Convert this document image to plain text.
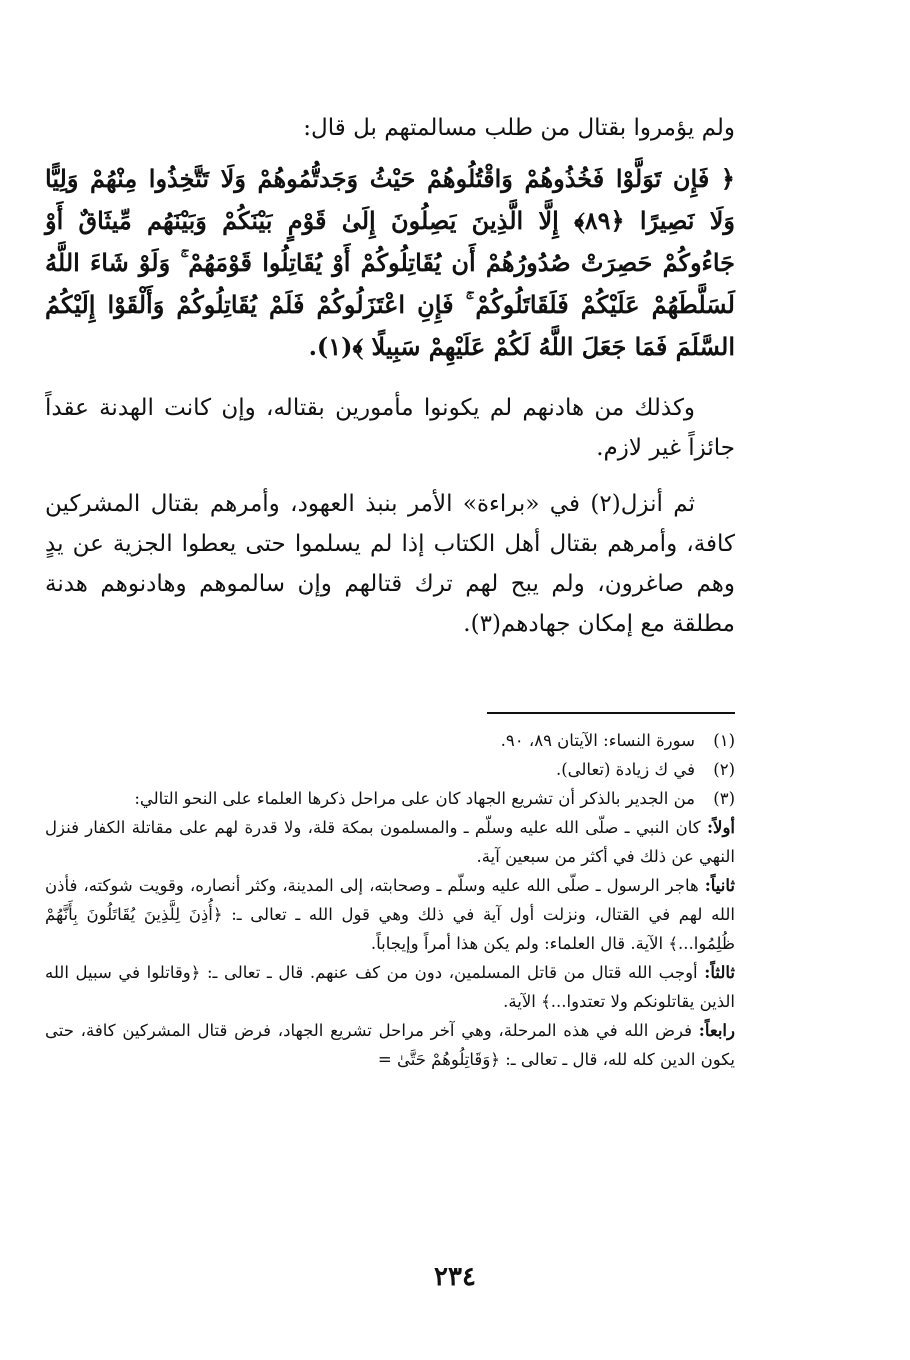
ولم يؤمروا بقتال من طلب مسالمتهم بل قال:

﴿ فَإِن تَوَلَّوْا فَخُذُوهُمْ وَاقْتُلُوهُمْ حَيْثُ وَجَدتُّمُوهُمْ وَلَا تَتَّخِذُوا مِنْهُمْ وَلِيًّا وَلَا نَصِيرًا ﴿٨٩﴾ إِلَّا الَّذِينَ يَصِلُونَ إِلَىٰ قَوْمٍ بَيْنَكُمْ وَبَيْنَهُم مِّيثَاقٌ أَوْ جَاءُوكُمْ حَصِرَتْ صُدُورُهُمْ أَن يُقَاتِلُوكُمْ أَوْ يُقَاتِلُوا قَوْمَهُمْ ۚ وَلَوْ شَاءَ اللَّهُ لَسَلَّطَهُمْ عَلَيْكُمْ فَلَقَاتَلُوكُمْ ۚ فَإِنِ اعْتَزَلُوكُمْ فَلَمْ يُقَاتِلُوكُمْ وَأَلْقَوْا إِلَيْكُمُ السَّلَمَ فَمَا جَعَلَ اللَّهُ لَكُمْ عَلَيْهِمْ سَبِيلًا ﴾(١).

وكذلك من هادنهم لم يكونوا مأمورين بقتاله، وإن كانت الهدنة عقداً جائزاً غير لازم.

ثم أنزل(٢) في «براءة» الأمر بنبذ العهود، وأمرهم بقتال المشركين كافة، وأمرهم بقتال أهل الكتاب إذا لم يسلموا حتى يعطوا الجزية عن يدٍ وهم صاغرون، ولم يبح لهم ترك قتالهم وإن سالموهم وهادنوهم هدنة مطلقة مع إمكان جهادهم(٣).

(١)
سورة النساء: الآيتان ٨٩، ٩٠.
(٢)
في ك زيادة (تعالى).
(٣)
من الجدير بالذكر أن تشريع الجهاد كان على مراحل ذكرها العلماء على النحو التالي:

أولاً: كان النبي ـ صلّى الله عليه وسلّم ـ والمسلمون بمكة قلة، ولا قدرة لهم على مقاتلة الكفار فنزل النهي عن ذلك في أكثر من سبعين آية.

ثانياً: هاجر الرسول ـ صلّى الله عليه وسلّم ـ وصحابته، إلى المدينة، وكثر أنصاره، وقويت شوكته، فأذن الله لهم في القتال، ونزلت أول آية في ذلك وهي قول الله ـ تعالى ـ: ﴿أُذِنَ لِلَّذِينَ يُقَاتَلُونَ بِأَنَّهُمْ ظُلِمُوا...﴾ الآية. قال العلماء: ولم يكن هذا أمراً وإيجاباً.

ثالثاً: أوجب الله قتال من قاتل المسلمين، دون من كف عنهم. قال ـ تعالى ـ: ﴿وقاتلوا في سبيل الله الذين يقاتلونكم ولا تعتدوا...﴾ الآية.

رابعاً: فرض الله في هذه المرحلة، وهي آخر مراحل تشريع الجهاد، فرض قتال المشركين كافة، حتى يكون الدين كله لله، قال ـ تعالى ـ: ﴿وَقَاتِلُوهُمْ حَتَّىٰ =

٢٣٤
